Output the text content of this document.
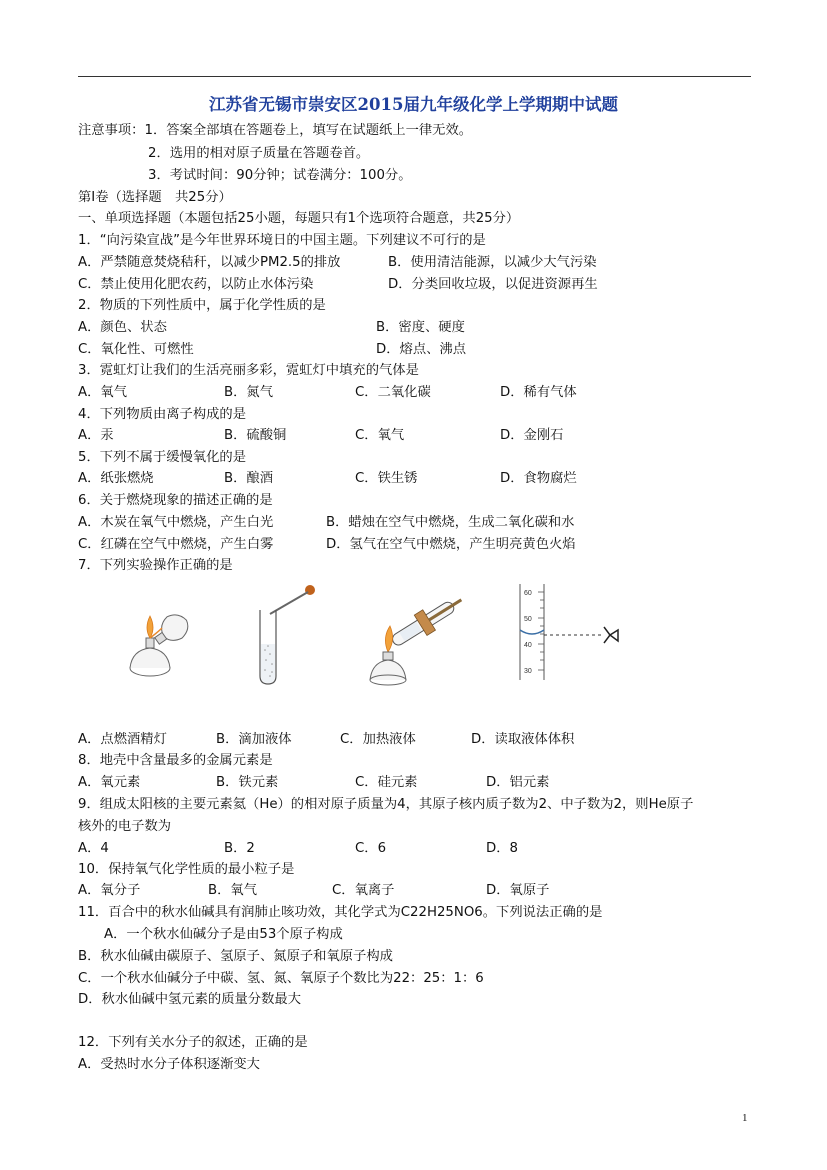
江苏省无锡市崇安区2015届九年级化学上学期期中试题
注意事项：1．答案全部填在答题卷上，填写在试题纸上一律无效。
2．选用的相对原子质量在答题卷首。
3．考试时间：90分钟；试卷满分：100分。
第Ⅰ卷（选择题　共25分）
一、单项选择题（本题包括25小题，每题只有1个选项符合题意，共25分）
1．“向污染宣战”是今年世界环境日的中国主题。下列建议不可行的是
A．严禁随意焚烧秸秆，以减少PM2.5的排放	B．使用清洁能源，以减少大气污染
C．禁止使用化肥农药，以防止水体污染	D．分类回收垃圾，以促进资源再生
2．物质的下列性质中，属于化学性质的是
A．颜色、状态	B．密度、硬度
C．氧化性、可燃性	D．熔点、沸点
3．霓虹灯让我们的生活亮丽多彩，霓虹灯中填充的气体是
A．氧气	B．氮气	C．二氧化碳	D．稀有气体
4．下列物质由离子构成的是
A．汞	B．硫酸铜	C．氧气	D．金刚石
5．下列不属于缓慢氧化的是
A．纸张燃烧	B．酿酒	C．铁生锈	D．食物腐烂
6．关于燃烧现象的描述正确的是
A．木炭在氧气中燃烧，产生白光	B．蜡烛在空气中燃烧，生成二氧化碳和水
C．红磷在空气中燃烧，产生白雾	D．氢气在空气中燃烧，产生明亮黄色火焰
7．下列实验操作正确的是
60
50
40
30
A．点燃酒精灯	B．滴加液体	C．加热液体	D．读取液体体积
8．地壳中含量最多的金属元素是
A．氧元素	B．铁元素	C．硅元素	D．铝元素
9．组成太阳核的主要元素氦（He）的相对原子质量为4，其原子核内质子数为2、中子数为2，则He原子
核外的电子数为
A．4	B．2	C．6	D．8
10．保持氧气化学性质的最小粒子是
A．氧分子	B．氧气	C．氧离子	D．氧原子
11．百合中的秋水仙碱具有润肺止咳功效，其化学式为C22H25NO6。下列说法正确的是
A．一个秋水仙碱分子是由53个原子构成
B．秋水仙碱由碳原子、氢原子、氮原子和氧原子构成
C．一个秋水仙碱分子中碳、氢、氮、氧原子个数比为22：25：1：6
D．秋水仙碱中氢元素的质量分数最大
12．下列有关水分子的叙述，正确的是
A．受热时水分子体积逐渐变大
1
